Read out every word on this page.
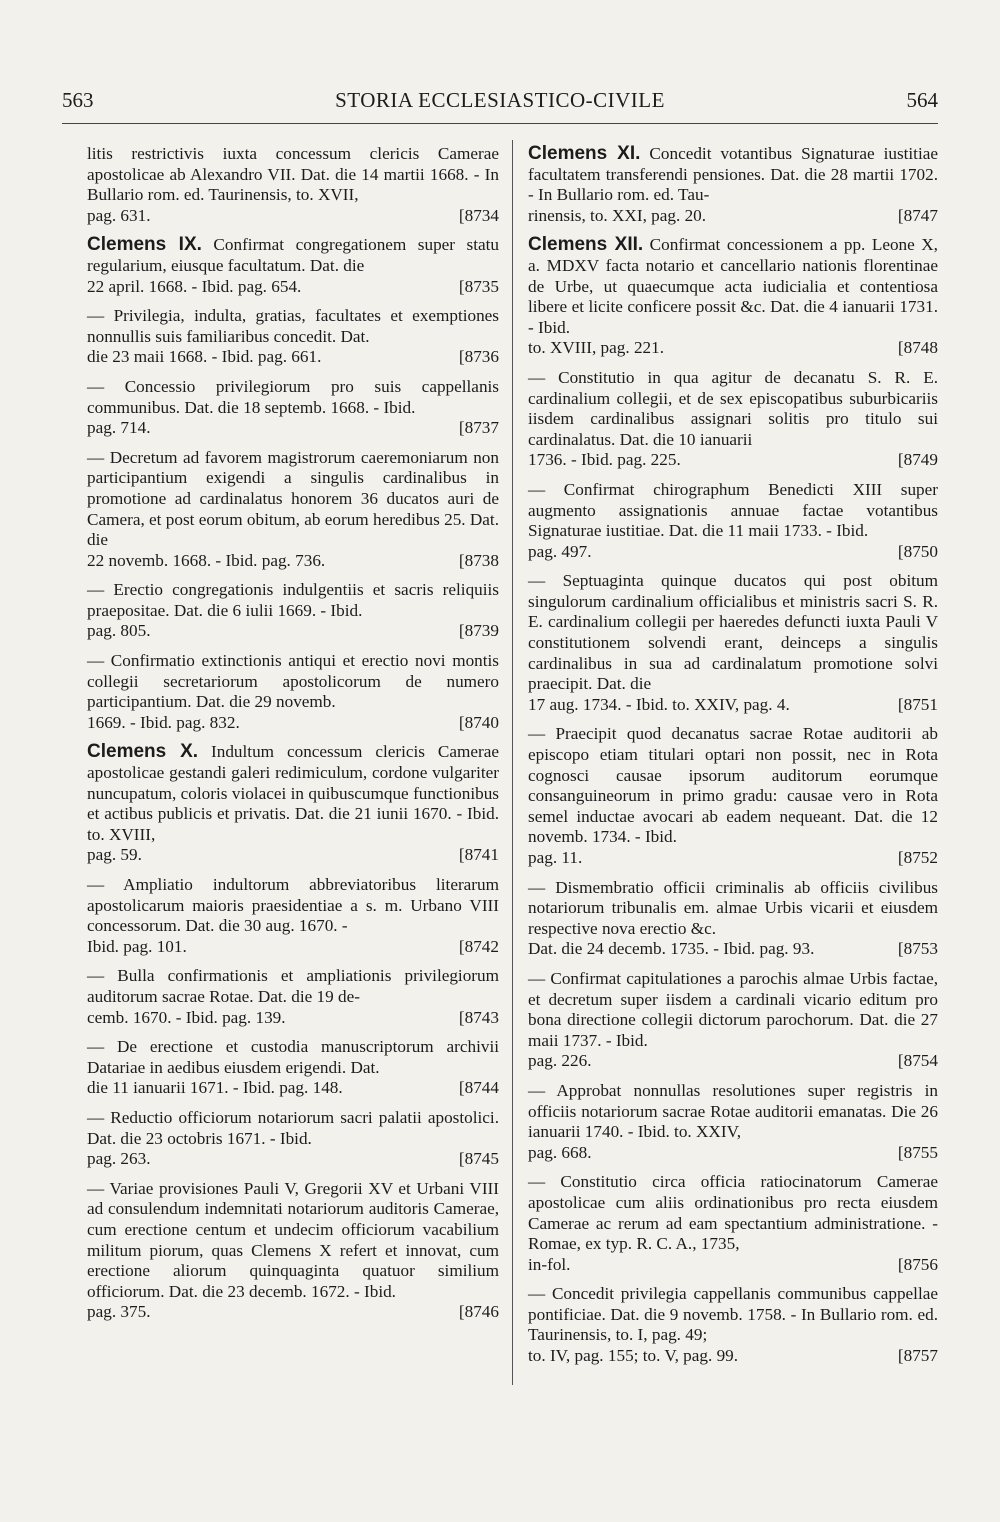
563	STORIA ECCLESIASTICO-CIVILE	564

litis restrictivis iuxta concessum clericis Camerae apostolicae ab Alexandro VII. Dat. die 14 martii 1668. - In Bullario rom. ed. Taurinensis, to. XVII,
pag. 631.	[8734

Clemens IX. Confirmat congregationem super statu regularium, eiusque facultatum. Dat. die
22 april. 1668. - Ibid. pag. 654.	[8735

— Privilegia, indulta, gratias, facultates et exemptiones nonnullis suis familiaribus concedit. Dat.
die 23 maii 1668. - Ibid. pag. 661.	[8736

— Concessio privilegiorum pro suis cappellanis communibus. Dat. die 18 septemb. 1668. - Ibid.
pag. 714.	[8737

— Decretum ad favorem magistrorum caeremoniarum non participantium exigendi a singulis cardinalibus in promotione ad cardinalatus honorem 36 ducatos auri de Camera, et post eorum obitum, ab eorum heredibus 25. Dat. die
22 novemb. 1668. - Ibid. pag. 736.	[8738

— Erectio congregationis indulgentiis et sacris reliquiis praepositae. Dat. die 6 iulii 1669. - Ibid.
pag. 805.	[8739

— Confirmatio extinctionis antiqui et erectio novi montis collegii secretariorum apostolicorum de numero participantium. Dat. die 29 novemb.
1669. - Ibid. pag. 832.	[8740

Clemens X. Indultum concessum clericis Camerae apostolicae gestandi galeri redimiculum, cordone vulgariter nuncupatum, coloris violacei in quibuscumque functionibus et actibus publicis et privatis. Dat. die 21 iunii 1670. - Ibid. to. XVIII,
pag. 59.	[8741

— Ampliatio indultorum abbreviatoribus literarum apostolicarum maioris praesidentiae a s. m. Urbano VIII concessorum. Dat. die 30 aug. 1670. -
Ibid. pag. 101.	[8742

— Bulla confirmationis et ampliationis privilegiorum auditorum sacrae Rotae. Dat. die 19 de-
cemb. 1670. - Ibid. pag. 139.	[8743

— De erectione et custodia manuscriptorum archivii Datariae in aedibus eiusdem erigendi. Dat.
die 11 ianuarii 1671. - Ibid. pag. 148.	[8744

— Reductio officiorum notariorum sacri palatii apostolici. Dat. die 23 octobris 1671. - Ibid.
pag. 263.	[8745

— Variae provisiones Pauli V, Gregorii XV et Urbani VIII ad consulendum indemnitati notariorum auditoris Camerae, cum erectione centum et undecim officiorum vacabilium militum piorum, quas Clemens X refert et innovat, cum erectione aliorum quinquaginta quatuor similium officiorum. Dat. die 23 decemb. 1672. - Ibid.
pag. 375.	[8746

Clemens XI. Concedit votantibus Signaturae iustitiae facultatem transferendi pensiones. Dat. die 28 martii 1702. - In Bullario rom. ed. Tau-
rinensis, to. XXI, pag. 20.	[8747

Clemens XII. Confirmat concessionem a pp. Leone X, a. MDXV facta notario et cancellario nationis florentinae de Urbe, ut quaecumque acta iudicialia et contentiosa libere et licite conficere possit &c. Dat. die 4 ianuarii 1731. - Ibid.
to. XVIII, pag. 221.	[8748

— Constitutio in qua agitur de decanatu S. R. E. cardinalium collegii, et de sex episcopatibus suburbicariis iisdem cardinalibus assignari solitis pro titulo sui cardinalatus. Dat. die 10 ianuarii
1736. - Ibid. pag. 225.	[8749

— Confirmat chirographum Benedicti XIII super augmento assignationis annuae factae votantibus Signaturae iustitiae. Dat. die 11 maii 1733. - Ibid.
pag. 497.	[8750

— Septuaginta quinque ducatos qui post obitum singulorum cardinalium officialibus et ministris sacri S. R. E. cardinalium collegii per haeredes defuncti iuxta Pauli V constitutionem solvendi erant, deinceps a singulis cardinalibus in sua ad cardinalatum promotione solvi praecipit. Dat. die
17 aug. 1734. - Ibid. to. XXIV, pag. 4.	[8751

— Praecipit quod decanatus sacrae Rotae auditorii ab episcopo etiam titulari optari non possit, nec in Rota cognosci causae ipsorum auditorum eorumque consanguineorum in primo gradu: causae vero in Rota semel inductae avocari ab eadem nequeant. Dat. die 12 novemb. 1734. - Ibid.
pag. 11.	[8752

— Dismembratio officii criminalis ab officiis civilibus notariorum tribunalis em. almae Urbis vicarii et eiusdem respective nova erectio &c.
Dat. die 24 decemb. 1735. - Ibid. pag. 93.	[8753

— Confirmat capitulationes a parochis almae Urbis factae, et decretum super iisdem a cardinali vicario editum pro bona directione collegii dictorum parochorum. Dat. die 27 maii 1737. - Ibid.
pag. 226.	[8754

— Approbat nonnullas resolutiones super registris in officiis notariorum sacrae Rotae auditorii emanatas. Die 26 ianuarii 1740. - Ibid. to. XXIV,
pag. 668.	[8755

— Constitutio circa officia ratiocinatorum Camerae apostolicae cum aliis ordinationibus pro recta eiusdem Camerae ac rerum ad eam spectantium administratione. - Romae, ex typ. R. C. A., 1735,
in-fol.	[8756

— Concedit privilegia cappellanis communibus cappellae pontificiae. Dat. die 9 novemb. 1758. - In Bullario rom. ed. Taurinensis, to. I, pag. 49;
to. IV, pag. 155; to. V, pag. 99.	[8757
